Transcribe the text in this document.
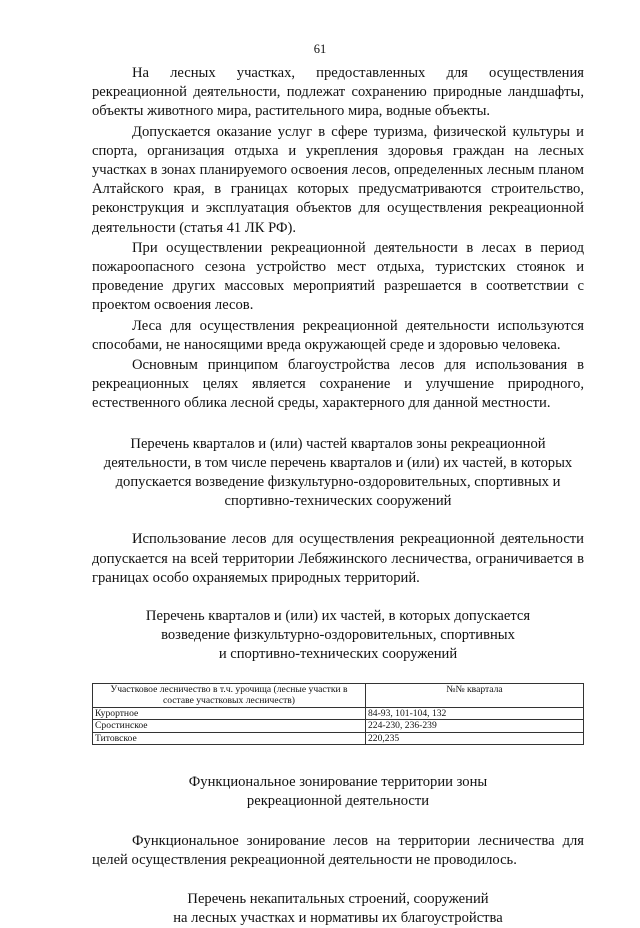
61

На лесных участках, предоставленных для осуществления рекреационной деятельности, подлежат сохранению природные ландшафты, объекты животного мира, растительного мира, водные объекты.

Допускается оказание услуг в сфере туризма, физической культуры и спорта, организация отдыха и укрепления здоровья граждан на лесных участках в зонах планируемого освоения лесов, определенных лесным планом Алтайского края, в границах которых предусматриваются строительство, реконструкция и эксплуатация объектов для осуществления рекреационной деятельности (статья 41 ЛК РФ).

При осуществлении рекреационной деятельности в лесах в период пожароопасного сезона устройство мест отдыха, туристских стоянок и проведение других массовых мероприятий разрешается в соответствии с проектом освоения лесов.

Леса для осуществления рекреационной деятельности используются способами, не наносящими вреда окружающей среде и здоровью человека.

Основным принципом благоустройства лесов для использования в рекреационных целях является сохранение и улучшение природного, естественного облика лесной среды, характерного для данной местности.

Перечень кварталов и (или) частей кварталов зоны рекреационной
деятельности, в том числе перечень кварталов и (или) их частей, в которых
допускается возведение физкультурно-оздоровительных, спортивных и
спортивно-технических сооружений

Использование лесов для осуществления рекреационной деятельности допускается на всей территории Лебяжинского лесничества, ограничивается в границах особо охраняемых природных территорий.

Перечень кварталов и (или) их частей, в которых допускается
возведение физкультурно-оздоровительных, спортивных
и спортивно-технических сооружений
Участковое лесничество в т.ч. урочища (лесные участки в составе участковых лесничеств)	№№ квартала
Курортное	84-93, 101-104, 132
Сростинское	224-230, 236-239
Титовское	220,235
Функциональное зонирование территории зоны
рекреационной деятельности

Функциональное зонирование лесов на территории лесничества для целей осуществления рекреационной деятельности не проводилось.

Перечень некапитальных строений, сооружений
на лесных участках и нормативы их благоустройства
